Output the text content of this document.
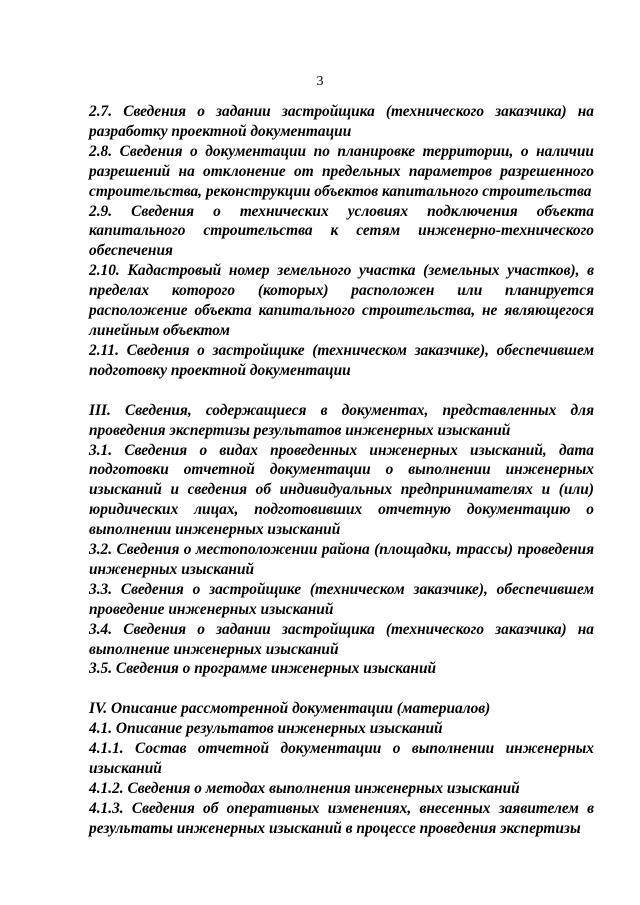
3

2.7. Сведения о задании застройщика (технического заказчика) на разработку проектной документации

2.8. Сведения о документации по планировке территории, о наличии разрешений на отклонение от предельных параметров разрешенного строительства, реконструкции объектов капитального строительства

2.9. Сведения о технических условиях подключения объекта капитального строительства к сетям инженерно-технического обеспечения

2.10. Кадастровый номер земельного участка (земельных участков), в пределах которого (которых) расположен или планируется расположение объекта капитального строительства, не являющегося линейным объектом

2.11. Сведения о застройщике (техническом заказчике), обеспечившем подготовку проектной документации

III. Сведения, содержащиеся в документах, представленных для проведения экспертизы результатов инженерных изысканий

3.1. Сведения о видах проведенных инженерных изысканий, дата подготовки отчетной документации о выполнении инженерных изысканий и сведения об индивидуальных предпринимателях и (или) юридических лицах, подготовивших отчетную документацию о выполнении инженерных изысканий

3.2. Сведения о местоположении района (площадки, трассы) проведения инженерных изысканий

3.3. Сведения о застройщике (техническом заказчике), обеспечившем проведение инженерных изысканий

3.4. Сведения о задании застройщика (технического заказчика) на выполнение инженерных изысканий

3.5. Сведения о программе инженерных изысканий

IV. Описание рассмотренной документации (материалов)

4.1. Описание результатов инженерных изысканий

4.1.1. Состав отчетной документации о выполнении инженерных изысканий

4.1.2. Сведения о методах выполнения инженерных изысканий

4.1.3. Сведения об оперативных изменениях, внесенных заявителем в результаты инженерных изысканий в процессе проведения экспертизы
